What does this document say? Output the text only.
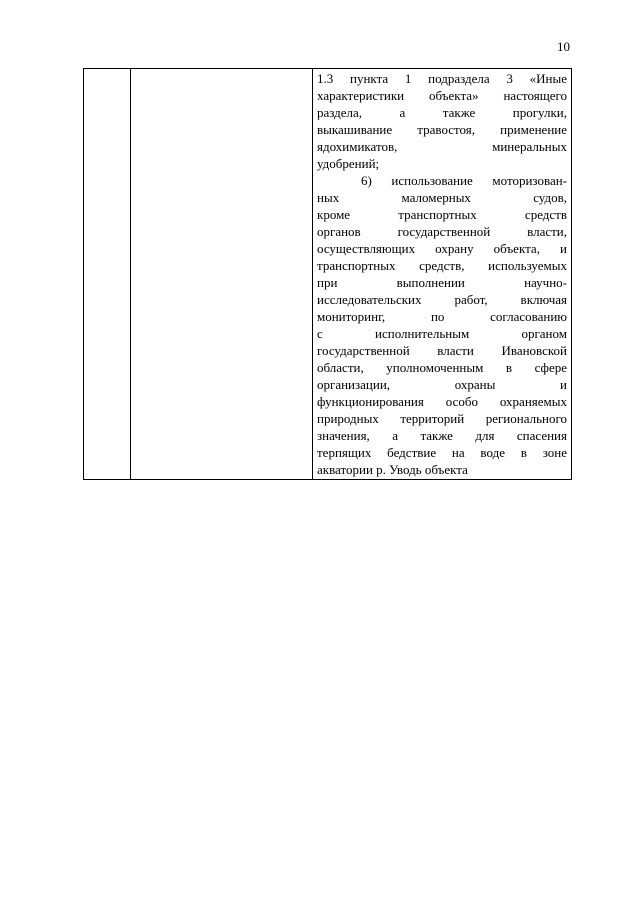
10

1.3 пункта 1 подраздела 3 «Иные
характеристики объекта» настоящего
раздела, а также прогулки,
выкашивание травостоя, применение
ядохимикатов, минеральных
удобрений;
6) использование моторизован-
ных маломерных судов,
кроме транспортных средств
органов государственной власти,
осуществляющих охрану объекта, и
транспортных средств, используемых
при выполнении научно-
исследовательских работ, включая
мониторинг, по согласованию
с исполнительным органом
государственной власти Ивановской
области, уполномоченным в сфере
организации, охраны и
функционирования особо охраняемых
природных территорий регионального
значения, а также для спасения
терпящих бедствие на воде в зоне
акватории р. Уводь объекта
